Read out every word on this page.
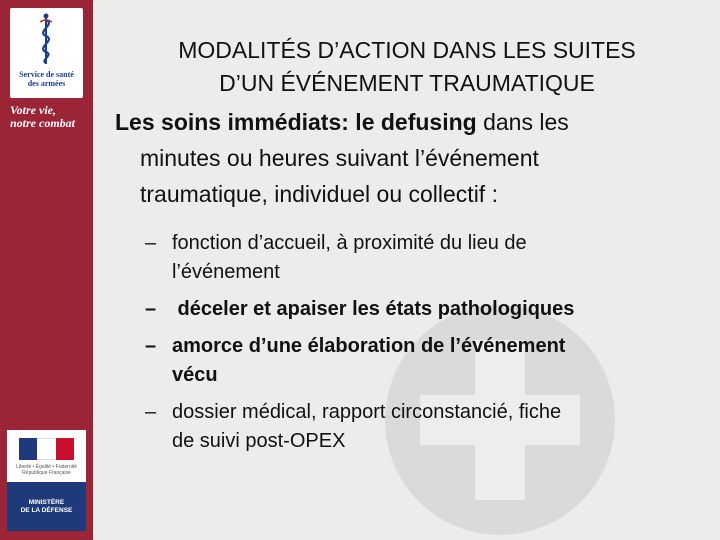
Service de santé
des armées
Votre vie,
notre combat
Liberté • Égalité • Fraternité
République Française
MINISTÈRE
DE LA DÉFENSE
MODALITÉS D’ACTION DANS LES SUITES
D’UN ÉVÉNEMENT TRAUMATIQUE
Les soins immédiats: le defusing dans les
minutes ou heures suivant l’événement
traumatique, individuel ou collectif :
– fonction d’accueil, à proximité du lieu de
l’événement
– déceler et apaiser les états pathologiques
– amorce d’une élaboration de l’événement
vécu
– dossier médical, rapport circonstancié, fiche
de suivi post-OPEX
